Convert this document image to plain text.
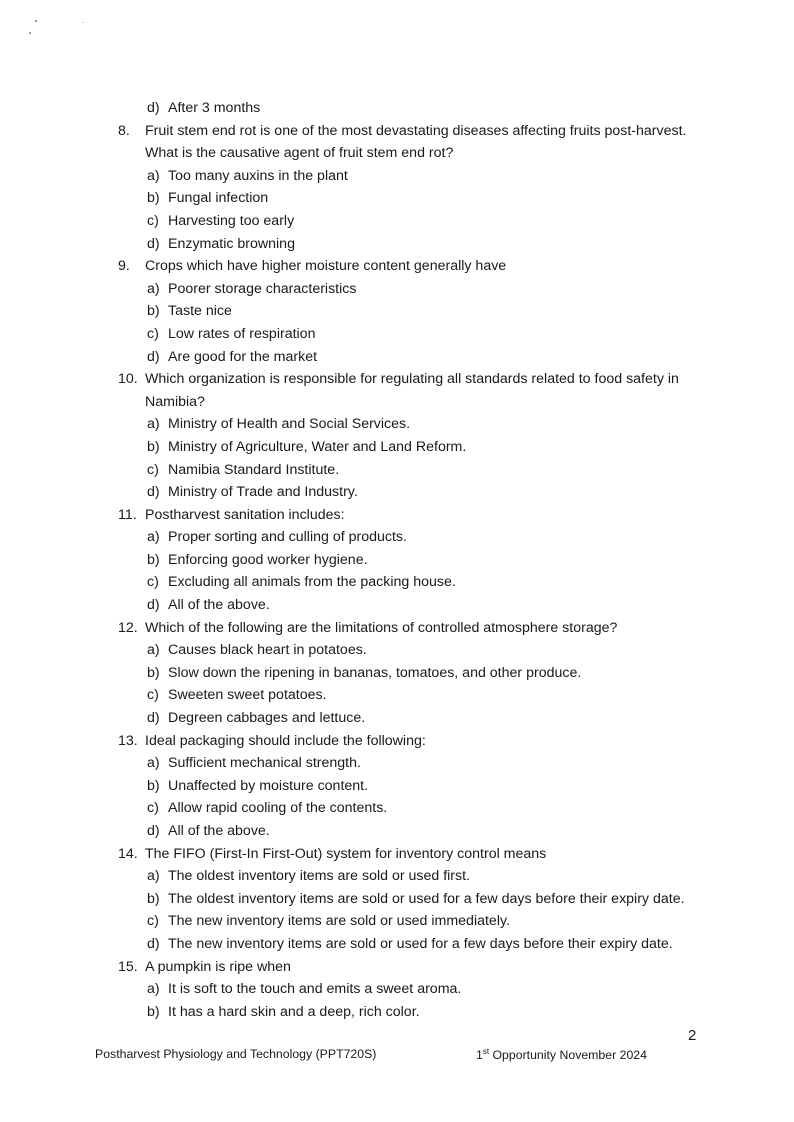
d) After 3 months
8. Fruit stem end rot is one of the most devastating diseases affecting fruits post-harvest.
What is the causative agent of fruit stem end rot?
a) Too many auxins in the plant
b) Fungal infection
c) Harvesting too early
d) Enzymatic browning
9. Crops which have higher moisture content generally have
a) Poorer storage characteristics
b) Taste nice
c) Low rates of respiration
d) Are good for the market
10. Which organization is responsible for regulating all standards related to food safety in
Namibia?
a) Ministry of Health and Social Services.
b) Ministry of Agriculture, Water and Land Reform.
c) Namibia Standard Institute.
d) Ministry of Trade and Industry.
11. Postharvest sanitation includes:
a) Proper sorting and culling of products.
b) Enforcing good worker hygiene.
c) Excluding all animals from the packing house.
d) All of the above.
12. Which of the following are the limitations of controlled atmosphere storage?
a) Causes black heart in potatoes.
b) Slow down the ripening in bananas, tomatoes, and other produce.
c) Sweeten sweet potatoes.
d) Degreen cabbages and lettuce.
13. Ideal packaging should include the following:
a) Sufficient mechanical strength.
b) Unaffected by moisture content.
c) Allow rapid cooling of the contents.
d) All of the above.
14. The FIFO (First-In First-Out) system for inventory control means
a) The oldest inventory items are sold or used first.
b) The oldest inventory items are sold or used for a few days before their expiry date.
c) The new inventory items are sold or used immediately.
d) The new inventory items are sold or used for a few days before their expiry date.
15. A pumpkin is ripe when
a) It is soft to the touch and emits a sweet aroma.
b) It has a hard skin and a deep, rich color.
2
Postharvest Physiology and Technology (PPT720S)	1st Opportunity November 2024
